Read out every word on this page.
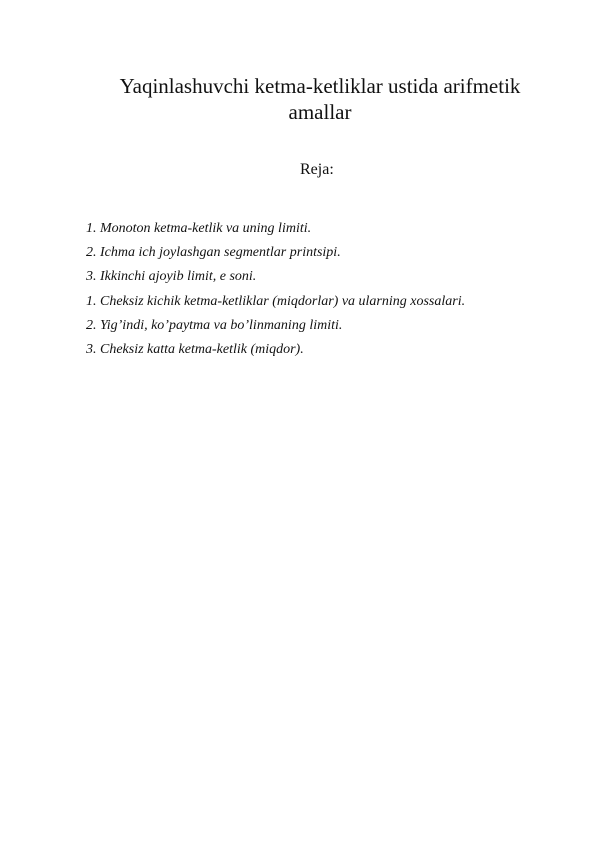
Yaqinlashuvchi ketma-ketliklar ustida arifmetik amallar
Reja:
1. Monoton ketma-ketlik va uning limiti.
2. Ichma ich joylashgan segmentlar printsipi.
3. Ikkinchi ajoyib limit, e soni.
1. Cheksiz kichik ketma-ketliklar (miqdorlar) va ularning xossalari.
2. Yig’indi, ko’paytma va bo’linmaning limiti.
3. Cheksiz katta ketma-ketlik (miqdor).
